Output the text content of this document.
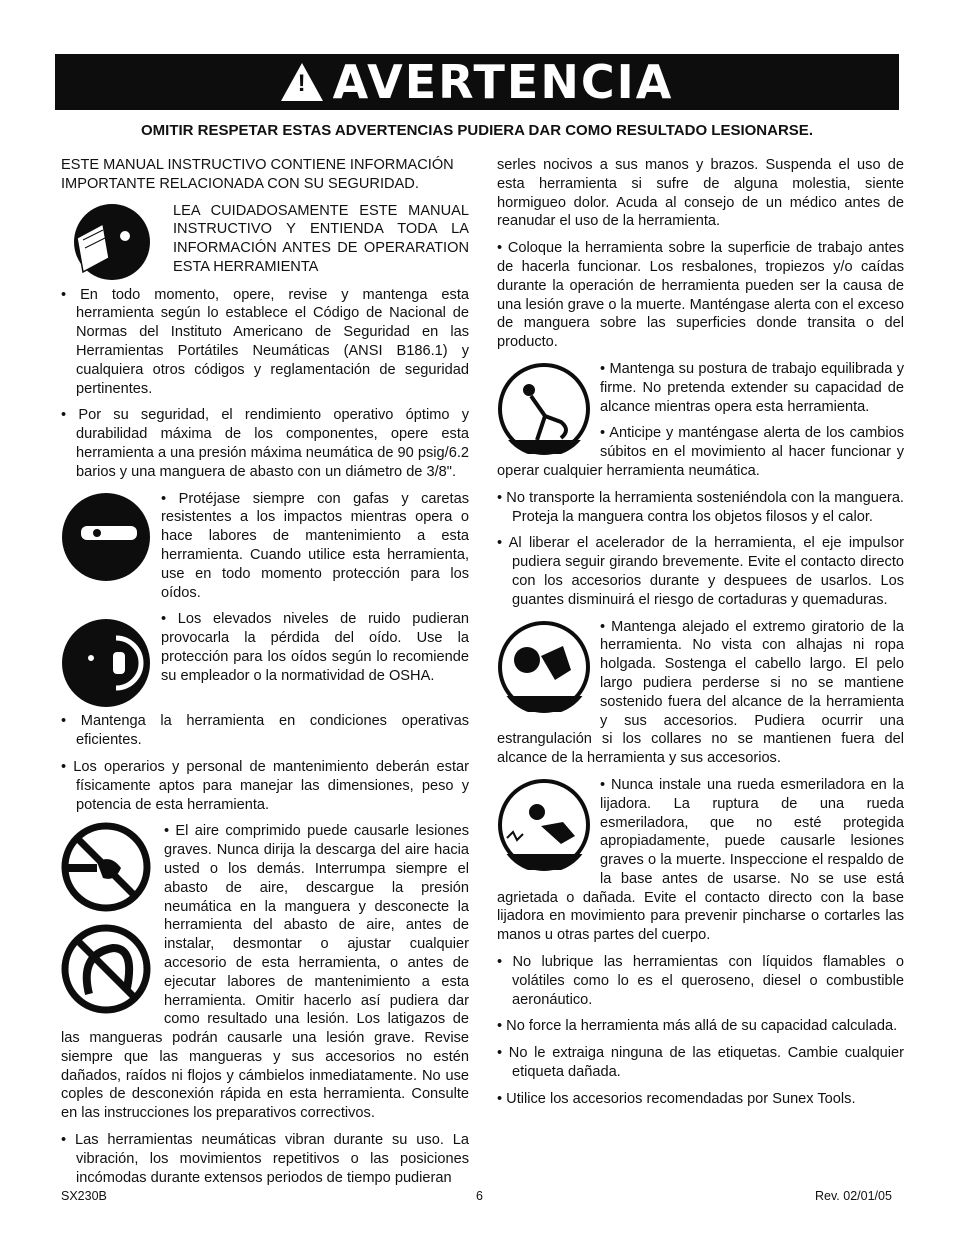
! AVERTENCIA
OMITIR RESPETAR ESTAS ADVERTENCIAS PUDIERA DAR COMO RESULTADO LESIONARSE.

ESTE MANUAL INSTRUCTIVO CONTIENE INFORMACIÓN IMPORTANTE RELACIONADA CON SU SEGURIDAD.

LEA CUIDADOSAMENTE ESTE MANUAL INSTRUCTIVO Y ENTIENDA TODA LA INFORMACIÓN ANTES DE OPERARATION ESTA HERRAMIENTA

• En todo momento, opere, revise y mantenga esta herramienta según lo establece el Código de Nacional de Normas del Instituto Americano de Seguridad en las Herramientas Portátiles Neumáticas (ANSI B186.1) y cualquiera otros códigos y reglamentación de seguridad pertinentes.

• Por su seguridad, el rendimiento operativo óptimo y durabilidad máxima de los componentes, opere esta herramienta a una presión máxima neumática de 90 psig/6.2 barios y una manguera de abasto con un diámetro de 3/8".

• Protéjase siempre con gafas y caretas resistentes a los impactos mientras opera o hace labores de mantenimiento a esta herramienta. Cuando utilice esta herramienta, use en todo momento protección para los oídos.

• Los elevados niveles de ruido pudieran provocarla la pérdida del oído. Use la protección para los oídos según lo recomiende su empleador o la normatividad de OSHA.

• Mantenga la herramienta en condiciones operativas eficientes.

• Los operarios y personal de mantenimiento deberán estar físicamente aptos para manejar las dimensiones, peso y potencia de esta herramienta.

• El aire comprimido puede causarle lesiones graves. Nunca dirija la descarga del aire hacia usted o los demás. Interrumpa siempre el abasto de aire, descargue la presión neumática en la manguera y desconecte la herramienta del abasto de aire, antes de instalar, desmontar o ajustar cualquier accesorio de esta herramienta, o antes de ejecutar labores de mantenimiento a esta herramienta. Omitir hacerlo así pudiera dar como resultado una lesión. Los latigazos de las mangueras podrán causarle una lesión grave. Revise siempre que las mangueras y sus accesorios no estén dañados, raídos ni flojos y cámbielos inmediatamente. No use coples de desconexión rápida en esta herramienta. Consulte en las instrucciones los preparativos correctivos.

• Las herramientas neumáticas vibran durante su uso. La vibración, los movimientos repetitivos o las posiciones incómodas durante extensos periodos de tiempo pudieran

serles nocivos a sus manos y brazos. Suspenda el uso de esta herramienta si sufre de alguna molestia, siente hormigueo dolor. Acuda al consejo de un médico antes de reanudar el uso de la herramienta.

• Coloque la herramienta sobre la superficie de trabajo antes de hacerla funcionar. Los resbalones, tropiezos y/o caídas durante la operación de herramienta pueden ser la causa de una lesión grave o la muerte. Manténgase alerta con el exceso de manguera sobre las superficies donde transita o del producto.

• Mantenga su postura de trabajo equilibrada y firme. No pretenda extender su capacidad de alcance mientras opera esta herramienta.

• Anticipe y manténgase alerta de los cambios súbitos en el movimiento al hacer funcionar y operar cualquier herramienta neumática.

• No transporte la herramienta sosteniéndola con la manguera. Proteja la manguera contra los objetos filosos y el calor.

• Al liberar el acelerador de la herramienta, el eje impulsor pudiera seguir girando brevemente. Evite el contacto directo con los accesorios durante y despuees de usarlos. Los guantes disminuirá el riesgo de cortaduras y quemaduras.

• Mantenga alejado el extremo giratorio de la herramienta. No vista con alhajas ni ropa holgada. Sostenga el cabello largo. El pelo largo pudiera perderse si no se mantiene sostenido fuera del alcance de la herramienta y sus accesorios. Pudiera ocurrir una estrangulación si los collares no se mantienen fuera del alcance de la herramienta y sus accesorios.

• Nunca instale una rueda esmeriladora en la lijadora. La ruptura de una rueda esmeriladora, que no esté protegida apropiadamente, puede causarle lesiones graves o la muerte. Inspeccione el respaldo de la base antes de usarse. No se use está agrietada o dañada. Evite el contacto directo con la base lijadora en movimiento para prevenir pincharse o cortarles las manos u otras partes del cuerpo.

• No lubrique las herramientas con líquidos flamables o volátiles como lo es el queroseno, diesel o combustible aeronáutico.

• No force la herramienta más allá de su capacidad calculada.

• No le extraiga ninguna de las etiquetas. Cambie cualquier etiqueta dañada.

• Utilice los accesorios recomendadas por Sunex Tools.

SX230B	6	Rev. 02/01/05
